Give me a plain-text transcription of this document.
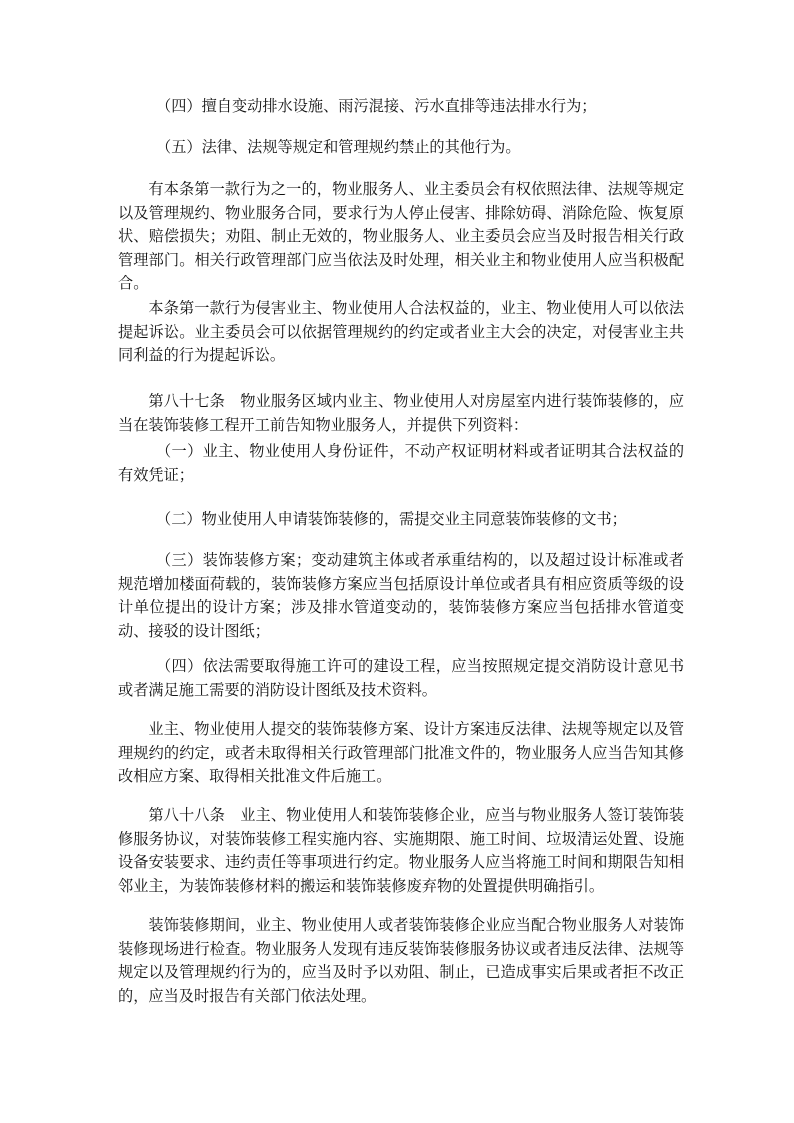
（四）擅自变动排水设施、雨污混接、污水直排等违法排水行为；

（五）法律、法规等规定和管理规约禁止的其他行为。

有本条第一款行为之一的，物业服务人、业主委员会有权依照法律、法规等规定以及管理规约、物业服务合同，要求行为人停止侵害、排除妨碍、消除危险、恢复原状、赔偿损失；劝阻、制止无效的，物业服务人、业主委员会应当及时报告相关行政管理部门。相关行政管理部门应当依法及时处理，相关业主和物业使用人应当积极配合。

本条第一款行为侵害业主、物业使用人合法权益的，业主、物业使用人可以依法提起诉讼。业主委员会可以依据管理规约的约定或者业主大会的决定，对侵害业主共同利益的行为提起诉讼。

第八十七条　物业服务区域内业主、物业使用人对房屋室内进行装饰装修的，应当在装饰装修工程开工前告知物业服务人，并提供下列资料：

（一）业主、物业使用人身份证件，不动产权证明材料或者证明其合法权益的有效凭证；

（二）物业使用人申请装饰装修的，需提交业主同意装饰装修的文书；

（三）装饰装修方案；变动建筑主体或者承重结构的，以及超过设计标准或者规范增加楼面荷载的，装饰装修方案应当包括原设计单位或者具有相应资质等级的设计单位提出的设计方案；涉及排水管道变动的，装饰装修方案应当包括排水管道变动、接驳的设计图纸；

（四）依法需要取得施工许可的建设工程，应当按照规定提交消防设计意见书或者满足施工需要的消防设计图纸及技术资料。

业主、物业使用人提交的装饰装修方案、设计方案违反法律、法规等规定以及管理规约的约定，或者未取得相关行政管理部门批准文件的，物业服务人应当告知其修改相应方案、取得相关批准文件后施工。

第八十八条　业主、物业使用人和装饰装修企业，应当与物业服务人签订装饰装修服务协议，对装饰装修工程实施内容、实施期限、施工时间、垃圾清运处置、设施设备安装要求、违约责任等事项进行约定。物业服务人应当将施工时间和期限告知相邻业主，为装饰装修材料的搬运和装饰装修废弃物的处置提供明确指引。

装饰装修期间，业主、物业使用人或者装饰装修企业应当配合物业服务人对装饰装修现场进行检查。物业服务人发现有违反装饰装修服务协议或者违反法律、法规等规定以及管理规约行为的，应当及时予以劝阻、制止，已造成事实后果或者拒不改正的，应当及时报告有关部门依法处理。
